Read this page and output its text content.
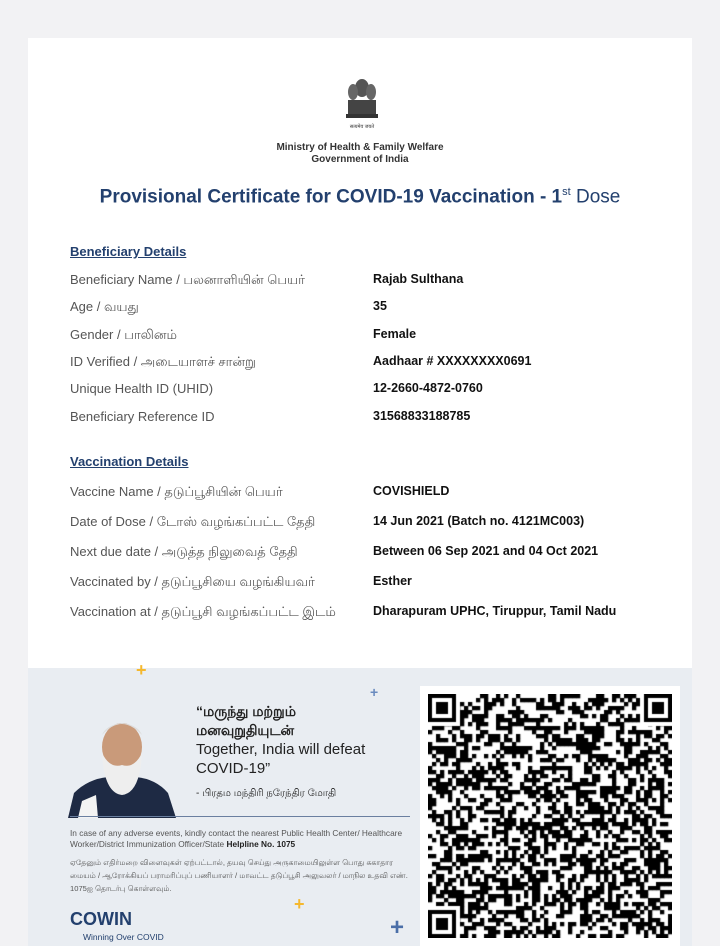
सत्यमेव जयते
Ministry of Health & Family Welfare
Government of India
Provisional Certificate for COVID-19 Vaccination - 1st Dose
Beneficiary Details
Beneficiary Name / பலனாளியின் பெயர்	Rajab Sulthana
Age / வயது	35
Gender / பாலினம்	Female
ID Verified / அடையாளச் சான்று	Aadhaar # XXXXXXXX0691
Unique Health ID (UHID)	12-2660-4872-0760
Beneficiary Reference ID	31568833188785
Vaccination Details
Vaccine Name / தடுப்பூசியின் பெயர்	COVISHIELD
Date of Dose / டோஸ் வழங்கப்பட்ட தேதி	14 Jun 2021 (Batch no. 4121MC003)
Next due date / அடுத்த நிலுவைத் தேதி	Between 06 Sep 2021 and 04 Oct 2021
Vaccinated by / தடுப்பூசியை வழங்கியவர்	Esther
Vaccination at / தடுப்பூசி வழங்கப்பட்ட இடம்	Dharapuram UPHC, Tiruppur, Tamil Nadu
+
+
+
+
“மருந்து மற்றும்
மனவுறுதியுடன்
Together, India will defeat
COVID-19”
- பிரதம மந்திரி நரேந்திர மோதி
In case of any adverse events, kindly contact the nearest Public Health Center/ Healthcare Worker/District Immunization Officer/State Helpline No. 1075
ஏதேனும் எதிர்மறை விளைவுகள் ஏற்பட்டால், தயவு செய்து அருகாமையிலுள்ள பொது சுகாதார மையம் / ஆரோக்கியப் பராமரிப்புப் பணியாளர் / மாவட்ட தடுப்பூசி அலுவலர் / மாநில உதவி எண். 1075ஐ தொடர்பு கொள்ளவும்.
COWIN
Winning Over COVID
